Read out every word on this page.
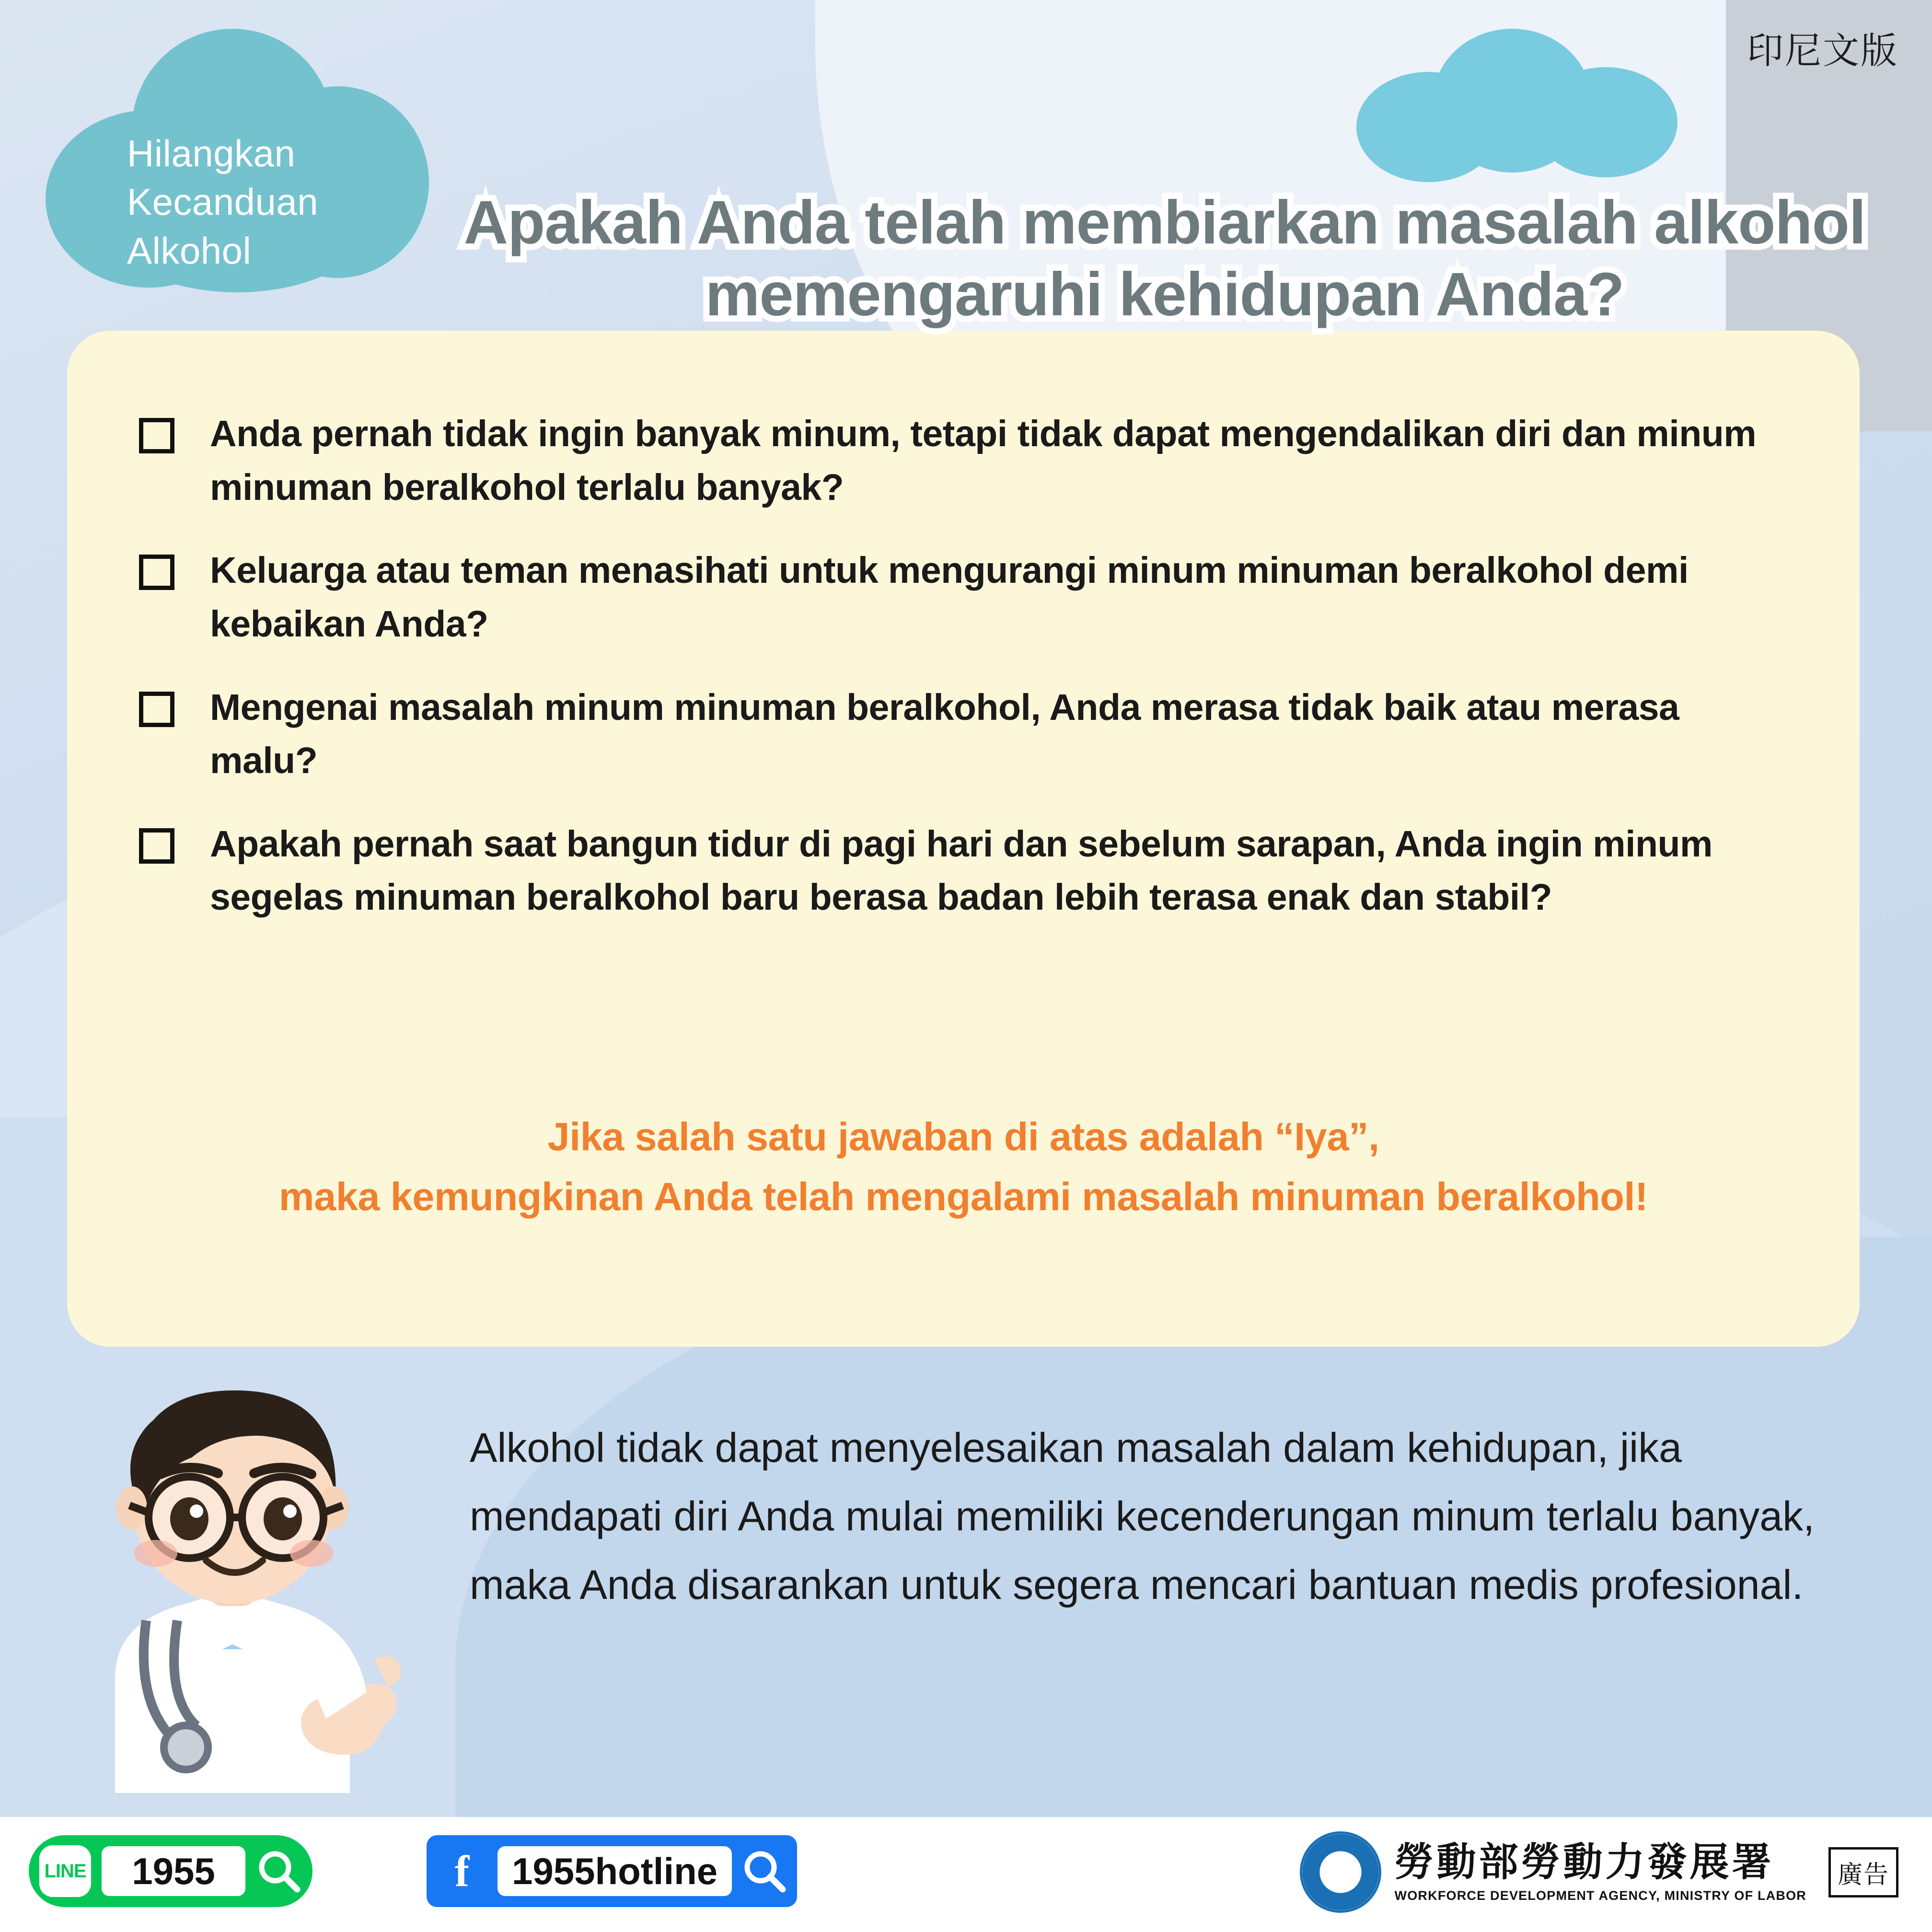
印尼文版
Hilangkan Kecanduan Alkohol	Apakah Anda telah membiarkan masalah alkohol memengaruhi kehidupan Anda?
Anda pernah tidak ingin banyak minum, tetapi tidak dapat mengendalikan diri dan minum minuman beralkohol terlalu banyak?
Keluarga atau teman menasihati untuk mengurangi minum minuman beralkohol demi kebaikan Anda?
Mengenai masalah minum minuman beralkohol, Anda merasa tidak baik atau merasa malu?
Apakah pernah saat bangun tidur di pagi hari dan sebelum sarapan, Anda ingin minum segelas minuman beralkohol baru berasa badan lebih terasa enak dan stabil?
Jika salah satu jawaban di atas adalah “Iya”,
maka kemungkinan Anda telah mengalami masalah minuman beralkohol!
Alkohol tidak dapat menyelesaikan masalah dalam kehidupan, jika mendapati diri Anda mulai memiliki kecenderungan minum terlalu banyak, maka Anda disarankan untuk segera mencari bantuan medis profesional.
LINE	1955	f	1955hotline	勞動部勞動力發展署
WORKFORCE DEVELOPMENT AGENCY, MINISTRY OF LABOR
廣告
